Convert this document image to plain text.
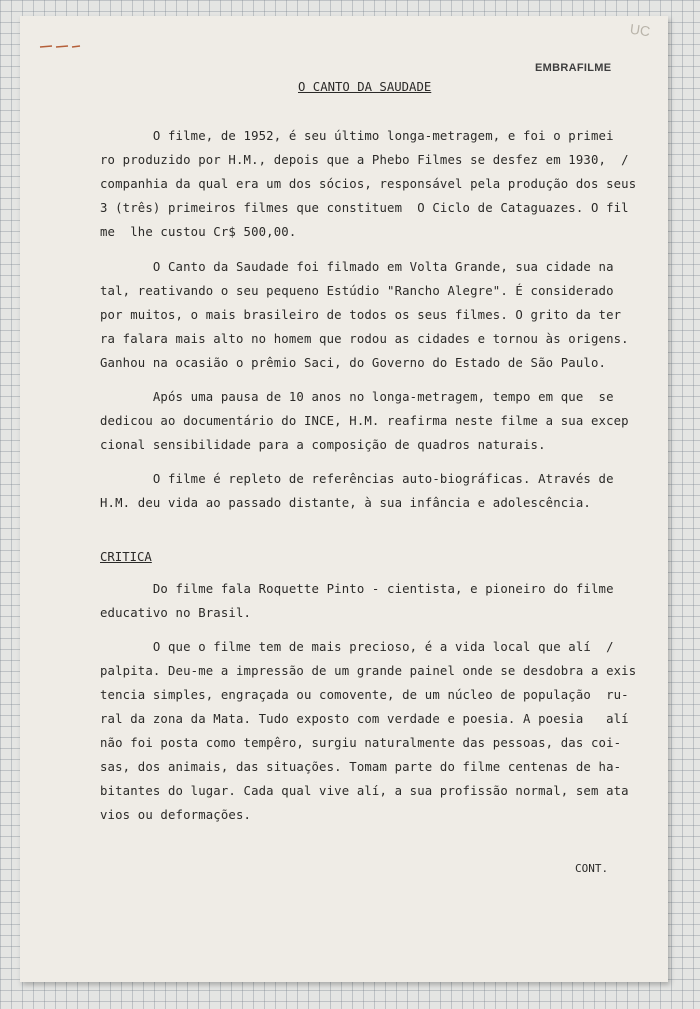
UC
EMBRAFILME
O CANTO DA SAUDADE
O filme, de 1952, é seu último longa-metragem, e foi o primei
ro produzido por H.M., depois que a Phebo Filmes se desfez em 1930,  /
companhia da qual era um dos sócios, responsável pela produção dos seus
3 (três) primeiros filmes que constituem  O Ciclo de Cataguazes. O fil
me  lhe custou Cr$ 500,00.
O Canto da Saudade foi filmado em Volta Grande, sua cidade na
tal, reativando o seu pequeno Estúdio "Rancho Alegre". É considerado
por muitos, o mais brasileiro de todos os seus filmes. O grito da ter
ra falara mais alto no homem que rodou as cidades e tornou às origens.
Ganhou na ocasião o prêmio Saci, do Governo do Estado de São Paulo.
Após uma pausa de 10 anos no longa-metragem, tempo em que  se
dedicou ao documentário do INCE, H.M. reafirma neste filme a sua excep
cional sensibilidade para a composição de quadros naturais.
O filme é repleto de referências auto-biográficas. Através de
H.M. deu vida ao passado distante, à sua infância e adolescência.
CRITICA
Do filme fala Roquette Pinto - cientista, e pioneiro do filme
educativo no Brasil.
O que o filme tem de mais precioso, é a vida local que alí  /
palpita. Deu-me a impressão de um grande painel onde se desdobra a exis
tencia simples, engraçada ou comovente, de um núcleo de população  ru-
ral da zona da Mata. Tudo exposto com verdade e poesia. A poesia   alí
não foi posta como tempêro, surgiu naturalmente das pessoas, das coi-
sas, dos animais, das situações. Tomam parte do filme centenas de ha-
bitantes do lugar. Cada qual vive alí, a sua profissão normal, sem ata
vios ou deformações.
CONT.
